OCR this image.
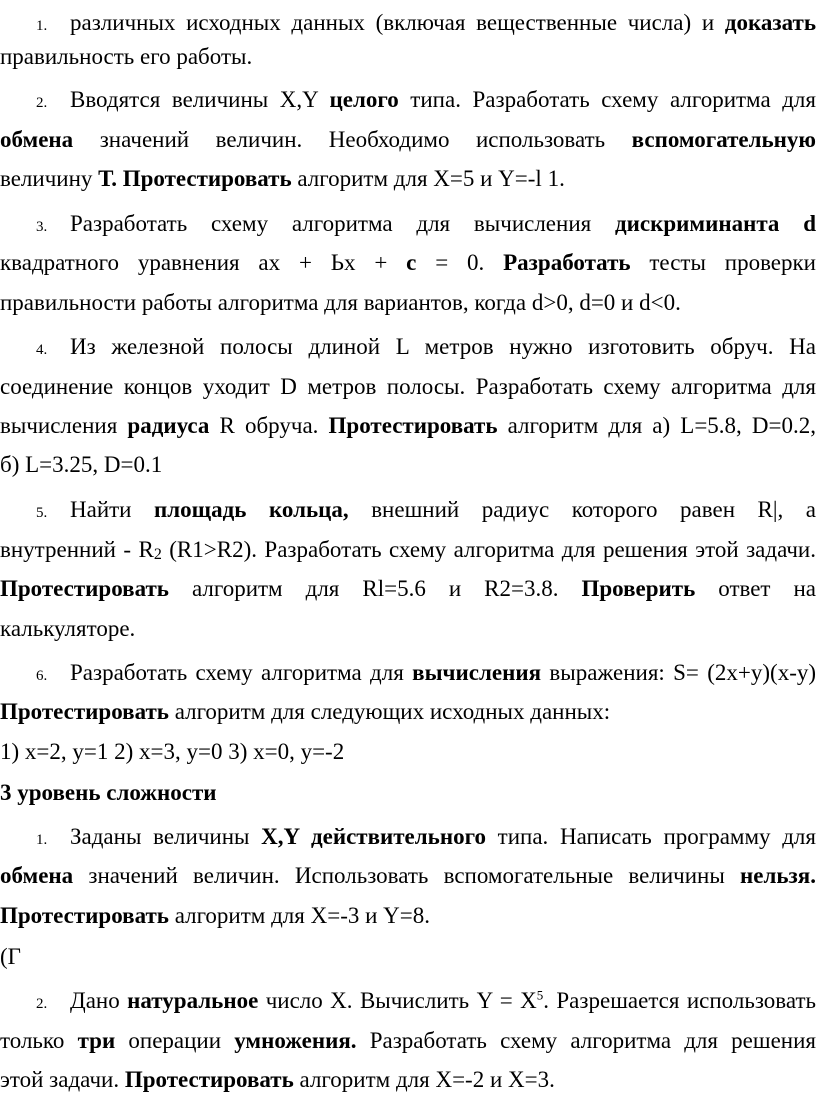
1. различных исходных данных (включая вещественные числа) и доказать
правильность его работы.
2. Вводятся величины X,Y целого типа. Разработать схему алгоритма для
обмена значений величин. Необходимо использовать вспомогательную
величину Т. Протестировать алгоритм для Х=5 и Y=-l 1.
3. Разработать схему алгоритма для вычисления дискриминанта d
квадратного уравнения ах + Ьх + с = 0. Разработать тесты проверки
правильности работы алгоритма для вариантов, когда d>0, d=0 и d<0.
4. Из железной полосы длиной L метров нужно изготовить обруч. На
соединение концов уходит D метров полосы. Разработать схему алгоритма для
вычисления радиуса R обруча. Протестировать алгоритм для а) L=5.8, D=0.2,
б) L=3.25, D=0.1
5. Найти площадь кольца, внешний радиус которого равен R|, а
внутренний - $R_2$ (R1>R2). Разработать схему алгоритма для решения этой задачи.
Протестировать алгоритм для Rl=5.6 и R2=3.8. Проверить ответ на
калькуляторе.
6. Разработать схему алгоритма для вычисления выражения: S= (2x+y)(x-y)
Протестировать алгоритм для следующих исходных данных:
1) х=2, у=1 2) х=3, у=0 3) х=0, у=-2
3 уровень сложности
1. Заданы величины X,Y действительного типа. Написать программу для
обмена значений величин. Использовать вспомогательные величины нельзя.
Протестировать алгоритм для Х=-3 и Y=8.
(Г
2. Дано натуральное число X. Вычислить $Y = X^5$. Разрешается использовать
только три операции умножения. Разработать схему алгоритма для решения
этой задачи. Протестировать алгоритм для Х=-2 и Х=3.
